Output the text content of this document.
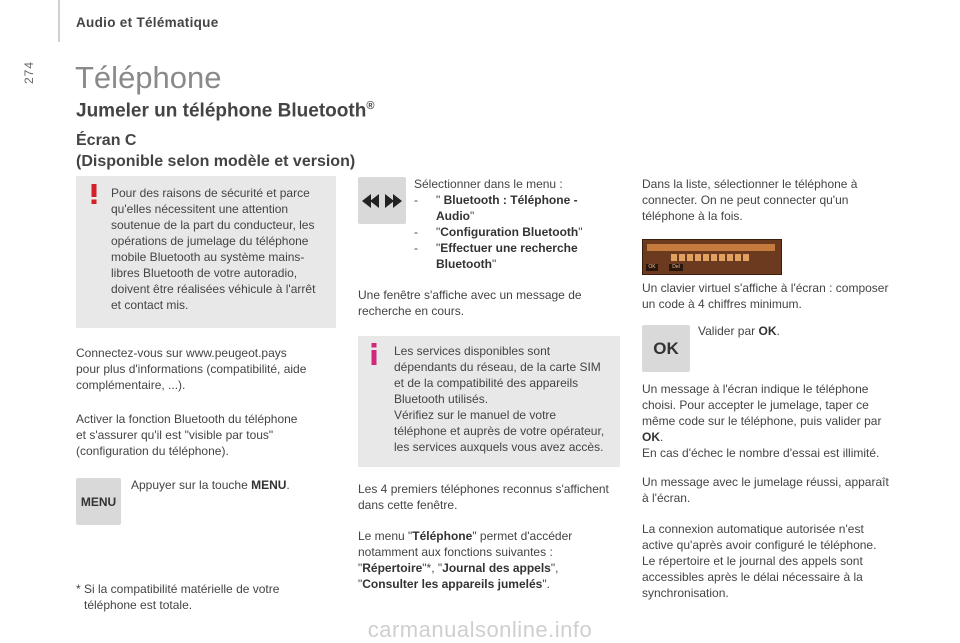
Audio et Télématique
274 Téléphone
Jumeler un téléphone Bluetooth®
Écran C
(Disponible selon modèle et version)
Pour des raisons de sécurité et parce
qu'elles nécessitent une attention
soutenue de la part du conducteur, les
opérations de jumelage du téléphone
mobile Bluetooth au système mains-
libres Bluetooth de votre autoradio,
doivent être réalisées véhicule à l'arrêt
et contact mis.
Connectez-vous sur www.peugeot.pays
pour plus d'informations (compatibilité, aide
complémentaire, ...).
Activer la fonction Bluetooth du téléphone
et s'assurer qu'il est "visible par tous"
(configuration du téléphone).
MENU
Appuyer sur la touche MENU.
* Si la compatibilité matérielle de votre
téléphone est totale.
Sélectionner dans le menu :
-	" Bluetooth : Téléphone -
Audio"
-	"Configuration Bluetooth"
-	"Effectuer une recherche
Bluetooth"
Une fenêtre s'affiche avec un message de
recherche en cours.
Les services disponibles sont
dépendants du réseau, de la carte SIM
et de la compatibilité des appareils
Bluetooth utilisés.
Vérifiez sur le manuel de votre
téléphone et auprès de votre opérateur,
les services auxquels vous avez accès.
Les 4 premiers téléphones reconnus s'affichent
dans cette fenêtre.
Le menu "Téléphone" permet d'accéder
notamment aux fonctions suivantes :
"Répertoire"*, "Journal des appels",
"Consulter les appareils jumelés".
Dans la liste, sélectionner le téléphone à
connecter. On ne peut connecter qu'un
téléphone à la fois.
OK	Del
Un clavier virtuel s'affiche à l'écran : composer
un code à 4 chiffres minimum.
OK
Valider par OK.
Un message à l'écran indique le téléphone
choisi. Pour accepter le jumelage, taper ce
même code sur le téléphone, puis valider par
OK.
En cas d'échec le nombre d'essai est illimité.
Un message avec le jumelage réussi, apparaît
à l'écran.
La connexion automatique autorisée n'est
active qu'après avoir configuré le téléphone.
Le répertoire et le journal des appels sont
accessibles après le délai nécessaire à la
synchronisation.
carmanualsonline.info
